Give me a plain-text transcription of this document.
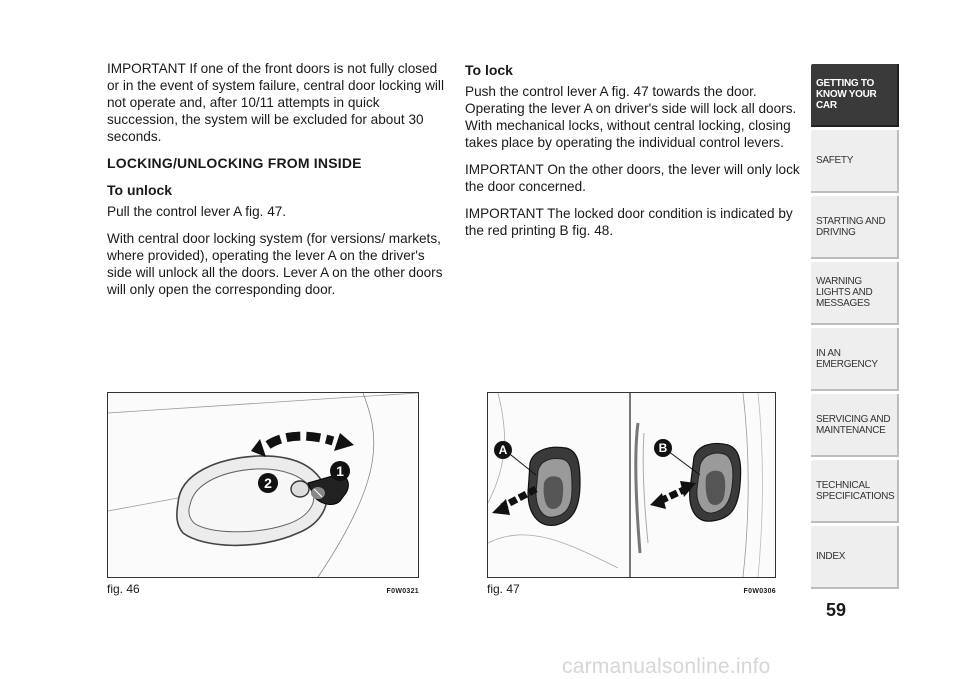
IMPORTANT If one of the front doors is not fully closed or in the event of system failure, central door locking will not operate and, after 10/11 attempts in quick succession, the system will be excluded for about 30 seconds.

LOCKING/UNLOCKING FROM INSIDE
To unlock

Pull the control lever A fig. 47.

With central door locking system (for versions/ markets, where provided), operating the lever A on the driver's side will unlock all the doors. Lever A on the other doors will only open the corresponding door.

To lock

Push the control lever A fig. 47 towards the door. Operating the lever A on driver's side will lock all doors. With mechanical locks, without central locking, closing takes place by operating the individual control levers.

IMPORTANT On the other doors, the lever will only lock the door concerned.

IMPORTANT The locked door condition is indicated by the red printing B fig. 48.

1
2
fig. 46	F0W0321
A	B
fig. 47	F0W0306
GETTING TO KNOW YOUR CAR
SAFETY
STARTING AND DRIVING
WARNING LIGHTS AND MESSAGES
IN AN EMERGENCY
SERVICING AND MAINTENANCE
TECHNICAL SPECIFICATIONS
INDEX
59
carmanualsonline.info
